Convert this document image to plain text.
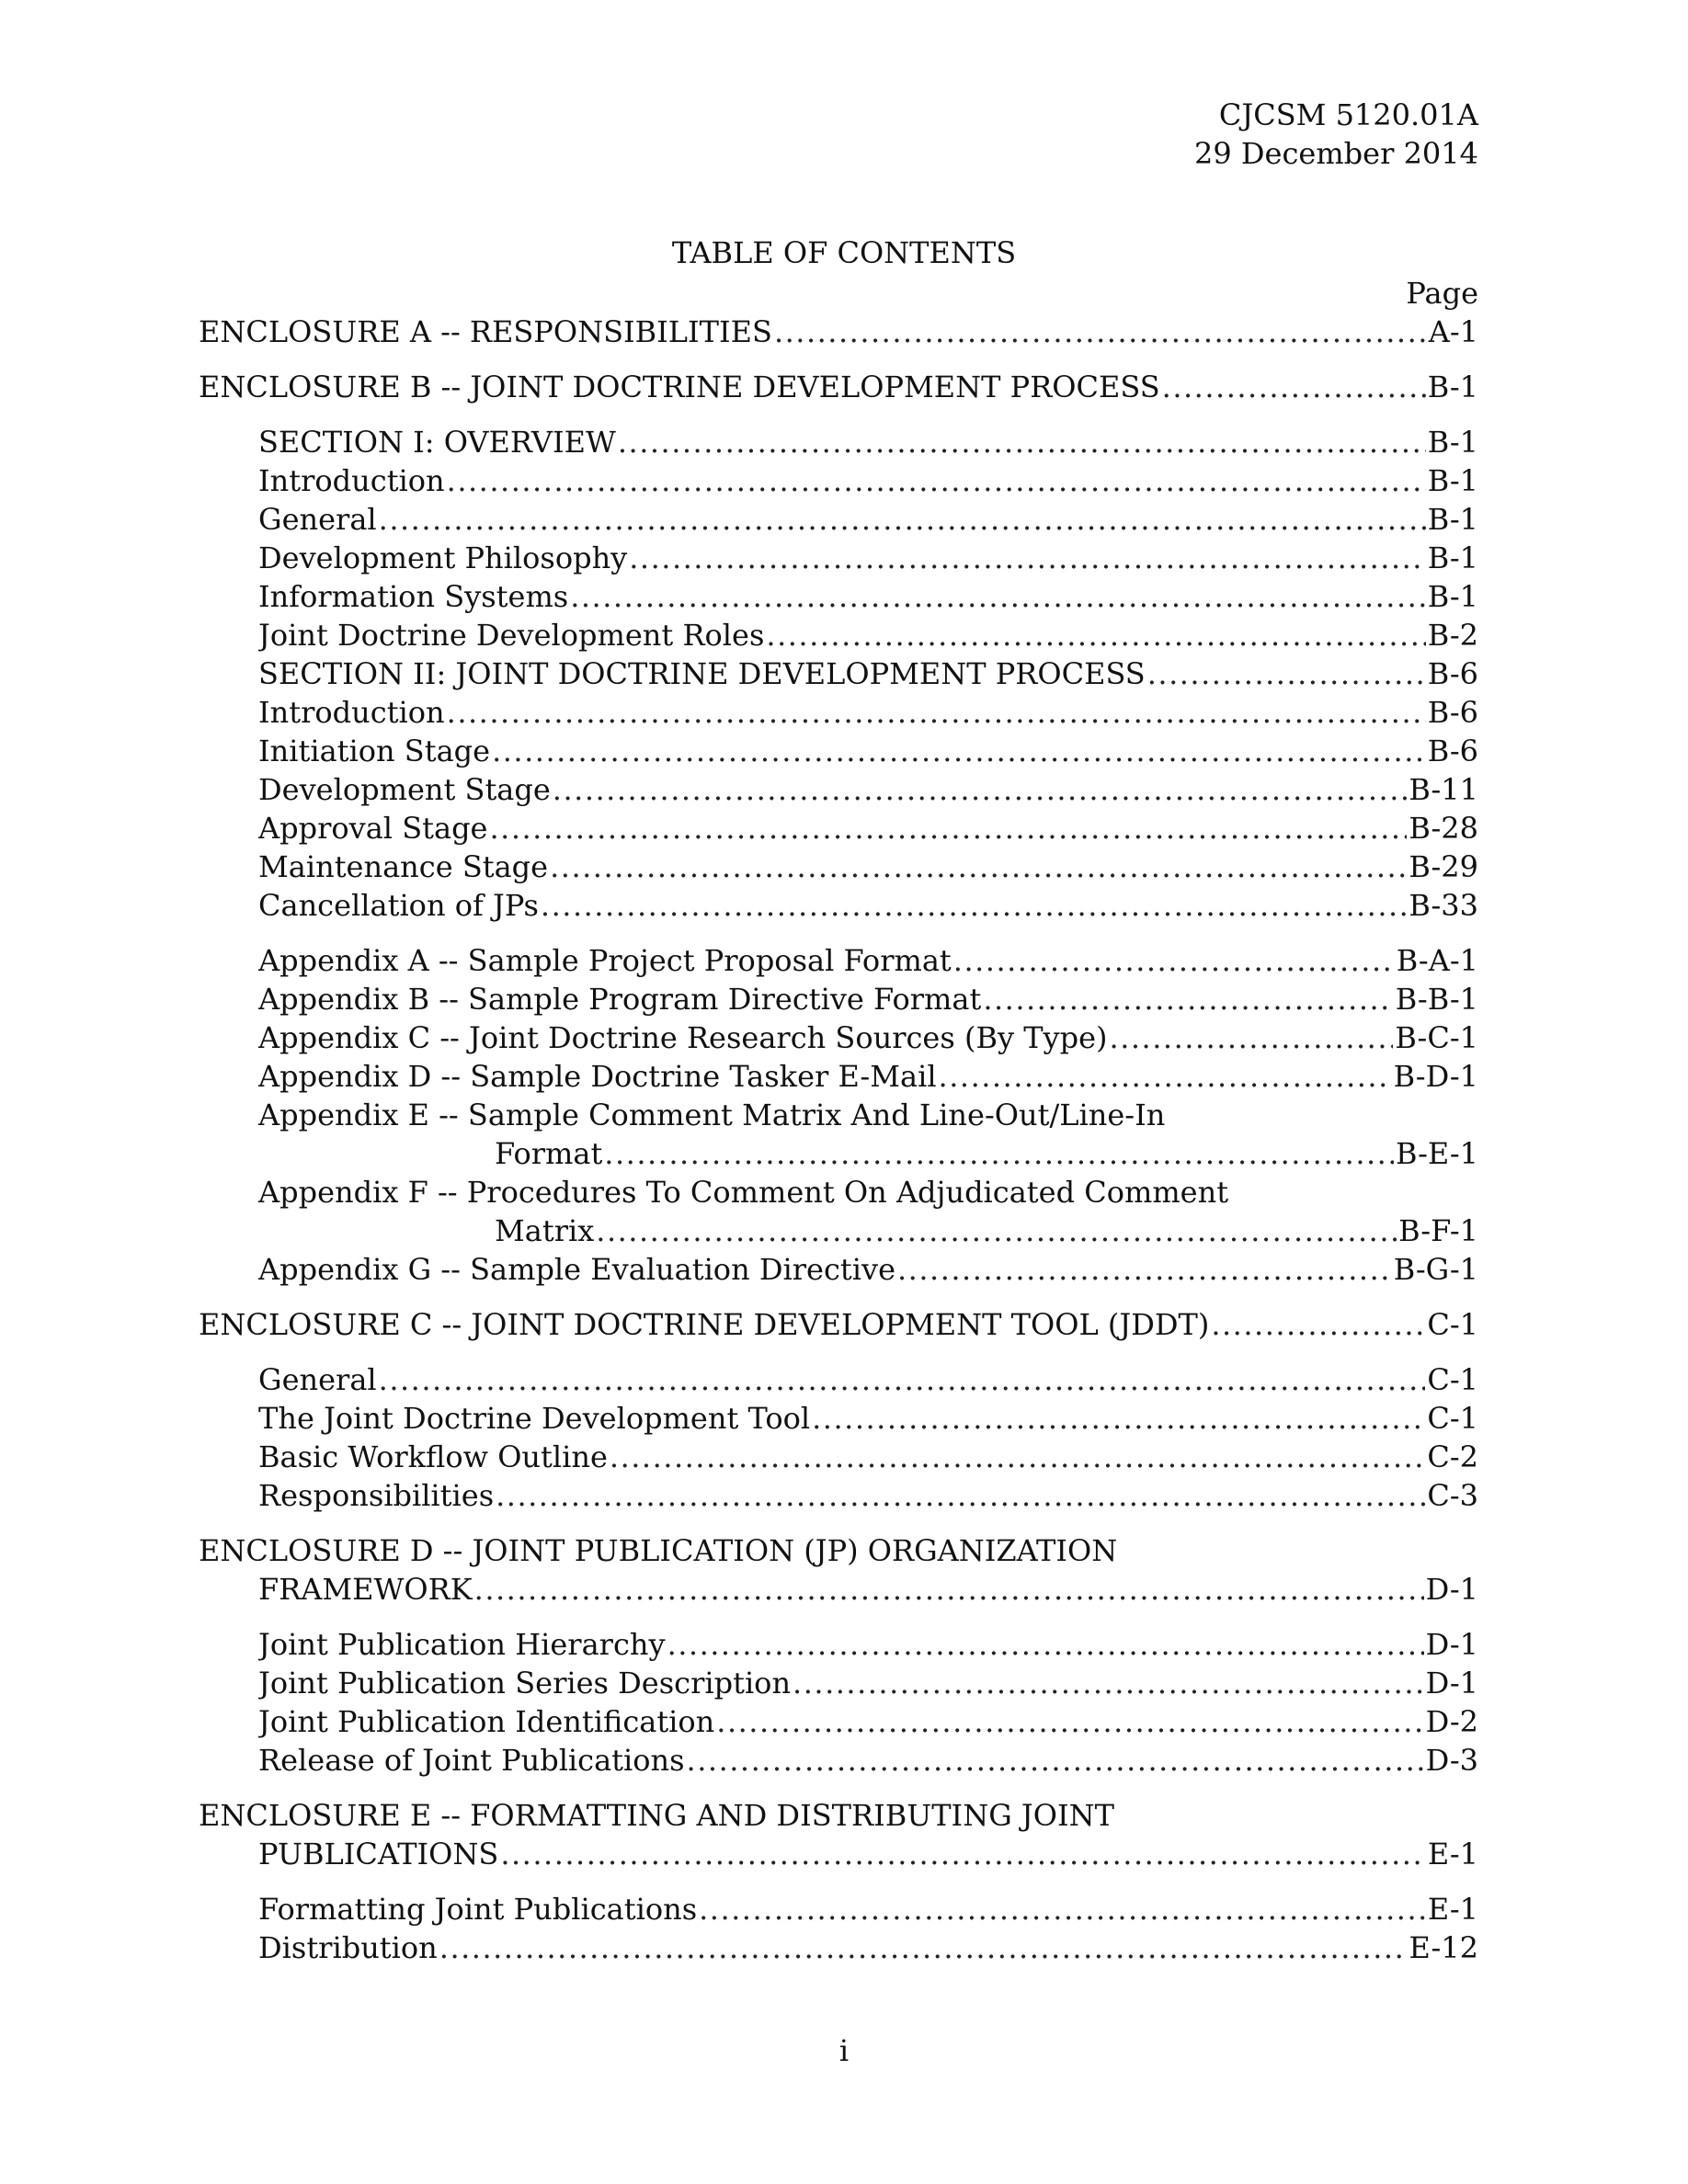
CJCSM 5120.01A
29 December 2014
TABLE OF CONTENTS
Page
ENCLOSURE A -- RESPONSIBILITIES .....	A-1
ENCLOSURE B -- JOINT DOCTRINE DEVELOPMENT PROCESS .....	B-1
SECTION I: OVERVIEW .....	B-1
Introduction .....	B-1
General .....	B-1
Development Philosophy .....	B-1
Information Systems .....	B-1
Joint Doctrine Development Roles .....	B-2
SECTION II: JOINT DOCTRINE DEVELOPMENT PROCESS .....	B-6
Introduction .....	B-6
Initiation Stage .....	B-6
Development Stage .....	B-11
Approval Stage .....	B-28
Maintenance Stage .....	B-29
Cancellation of JPs .....	B-33
Appendix A -- Sample Project Proposal Format .....	B-A-1
Appendix B -- Sample Program Directive Format .....	B-B-1
Appendix C -- Joint Doctrine Research Sources (By Type) .....	B-C-1
Appendix D -- Sample Doctrine Tasker E-Mail .....	B-D-1
Appendix E -- Sample Comment Matrix And Line-Out/Line-In
Format .....	B-E-1
Appendix F -- Procedures To Comment On Adjudicated Comment
Matrix .....	B-F-1
Appendix G -- Sample Evaluation Directive .....	B-G-1
ENCLOSURE C -- JOINT DOCTRINE DEVELOPMENT TOOL (JDDT) .....	C-1
General .....	C-1
The Joint Doctrine Development Tool .....	C-1
Basic Workflow Outline .....	C-2
Responsibilities .....	C-3
ENCLOSURE D -- JOINT PUBLICATION (JP) ORGANIZATION
FRAMEWORK .....	D-1
Joint Publication Hierarchy .....	D-1
Joint Publication Series Description .....	D-1
Joint Publication Identification .....	D-2
Release of Joint Publications .....	D-3
ENCLOSURE E -- FORMATTING AND DISTRIBUTING JOINT
PUBLICATIONS .....	E-1
Formatting Joint Publications .....	E-1
Distribution .....	E-12
i
